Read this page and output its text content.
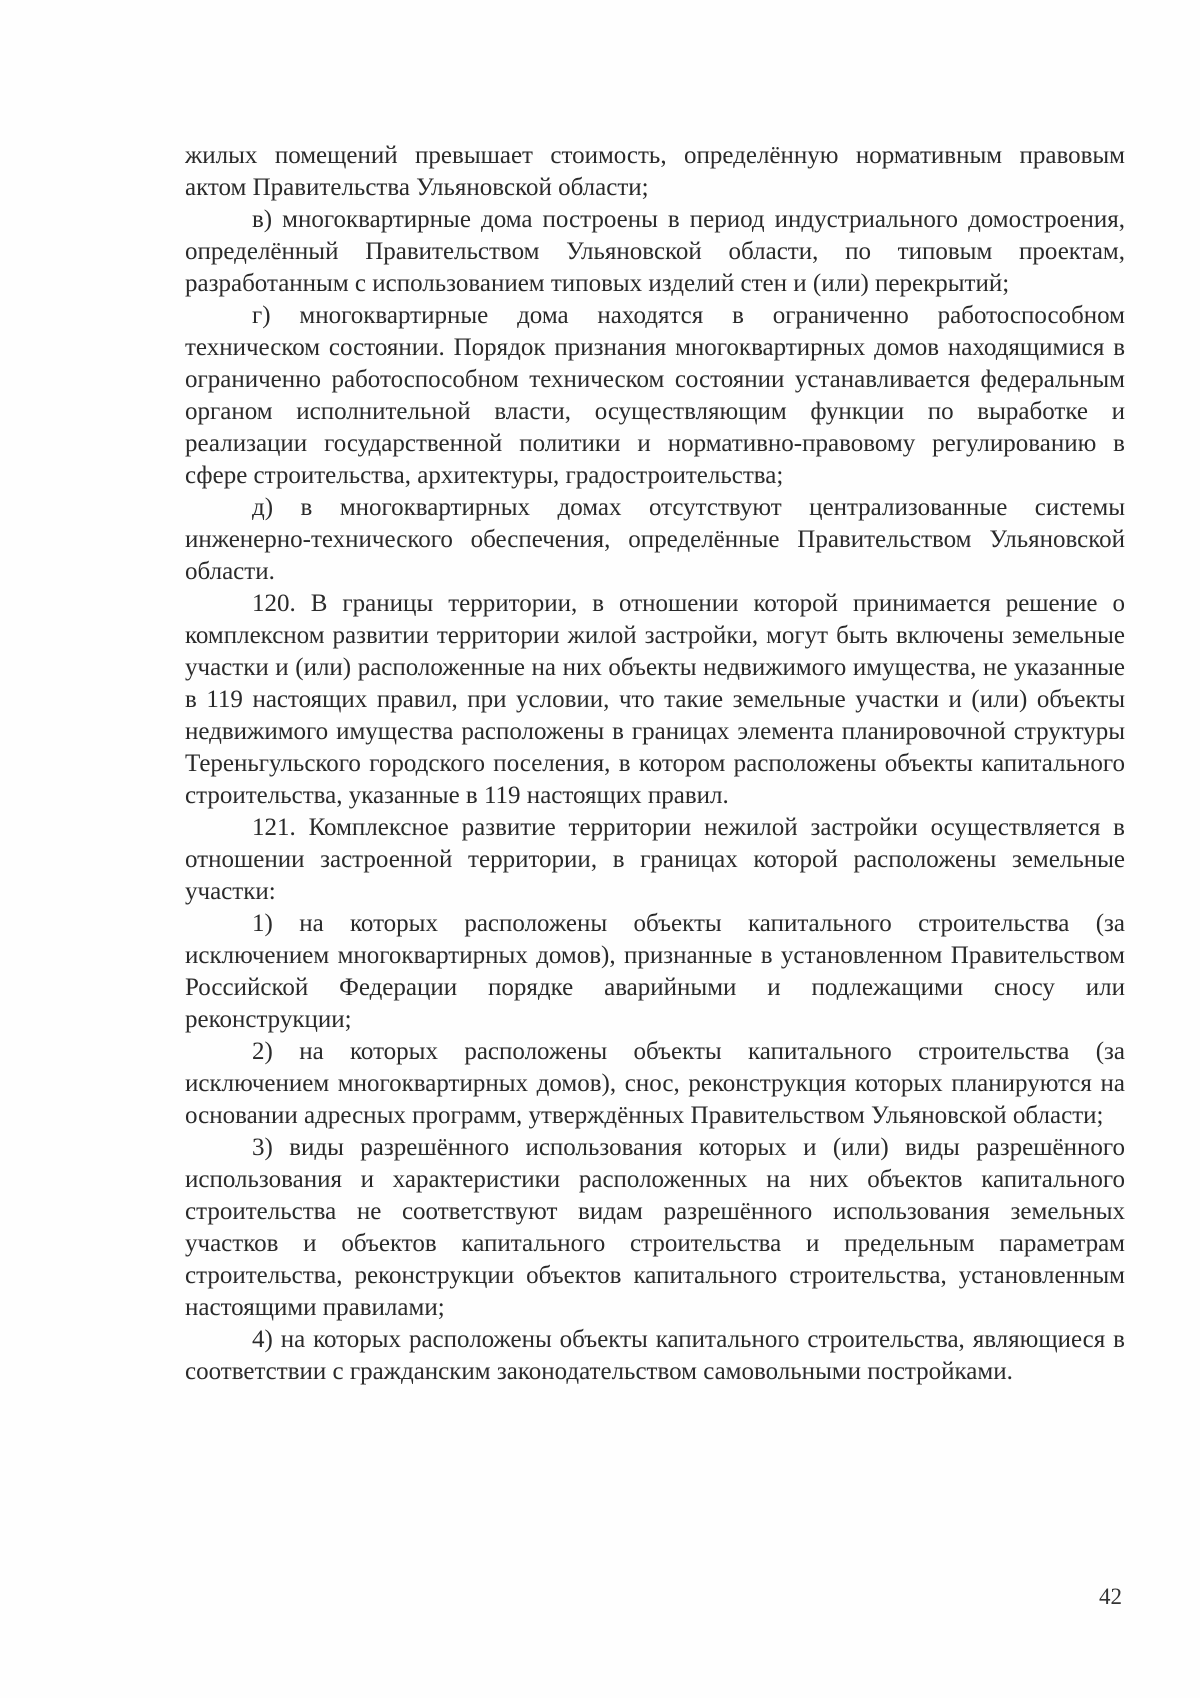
жилых помещений превышает стоимость, определённую нормативным правовым актом Правительства Ульяновской области;

в) многоквартирные дома построены в период индустриального домостроения, определённый Правительством Ульяновской области, по типовым проектам, разработанным с использованием типовых изделий стен и (или) перекрытий;

г) многоквартирные дома находятся в ограниченно работоспособном техническом состоянии. Порядок признания многоквартирных домов находящимися в ограниченно работоспособном техническом состоянии устанавливается федеральным органом исполнительной власти, осуществляющим функции по выработке и реализации государственной политики и нормативно-правовому регулированию в сфере строительства, архитектуры, градостроительства;

д) в многоквартирных домах отсутствуют централизованные системы инженерно-технического обеспечения, определённые Правительством Ульяновской области.

120. В границы территории, в отношении которой принимается решение о комплексном развитии территории жилой застройки, могут быть включены земельные участки и (или) расположенные на них объекты недвижимого имущества, не указанные в 119 настоящих правил, при условии, что такие земельные участки и (или) объекты недвижимого имущества расположены в границах элемента планировочной структуры Тереньгульского городского поселения, в котором расположены объекты капитального строительства, указанные в 119 настоящих правил.

121. Комплексное развитие территории нежилой застройки осуществляется в отношении застроенной территории, в границах которой расположены земельные участки:

1) на которых расположены объекты капитального строительства (за исключением многоквартирных домов), признанные в установленном Правительством Российской Федерации порядке аварийными и подлежащими сносу или реконструкции;

2) на которых расположены объекты капитального строительства (за исключением многоквартирных домов), снос, реконструкция которых планируются на основании адресных программ, утверждённых Правительством Ульяновской области;

3) виды разрешённого использования которых и (или) виды разрешённого использования и характеристики расположенных на них объектов капитального строительства не соответствуют видам разрешённого использования земельных участков и объектов капитального строительства и предельным параметрам строительства, реконструкции объектов капитального строительства, установленным настоящими правилами;

4) на которых расположены объекты капитального строительства, являющиеся в соответствии с гражданским законодательством самовольными постройками.

42
